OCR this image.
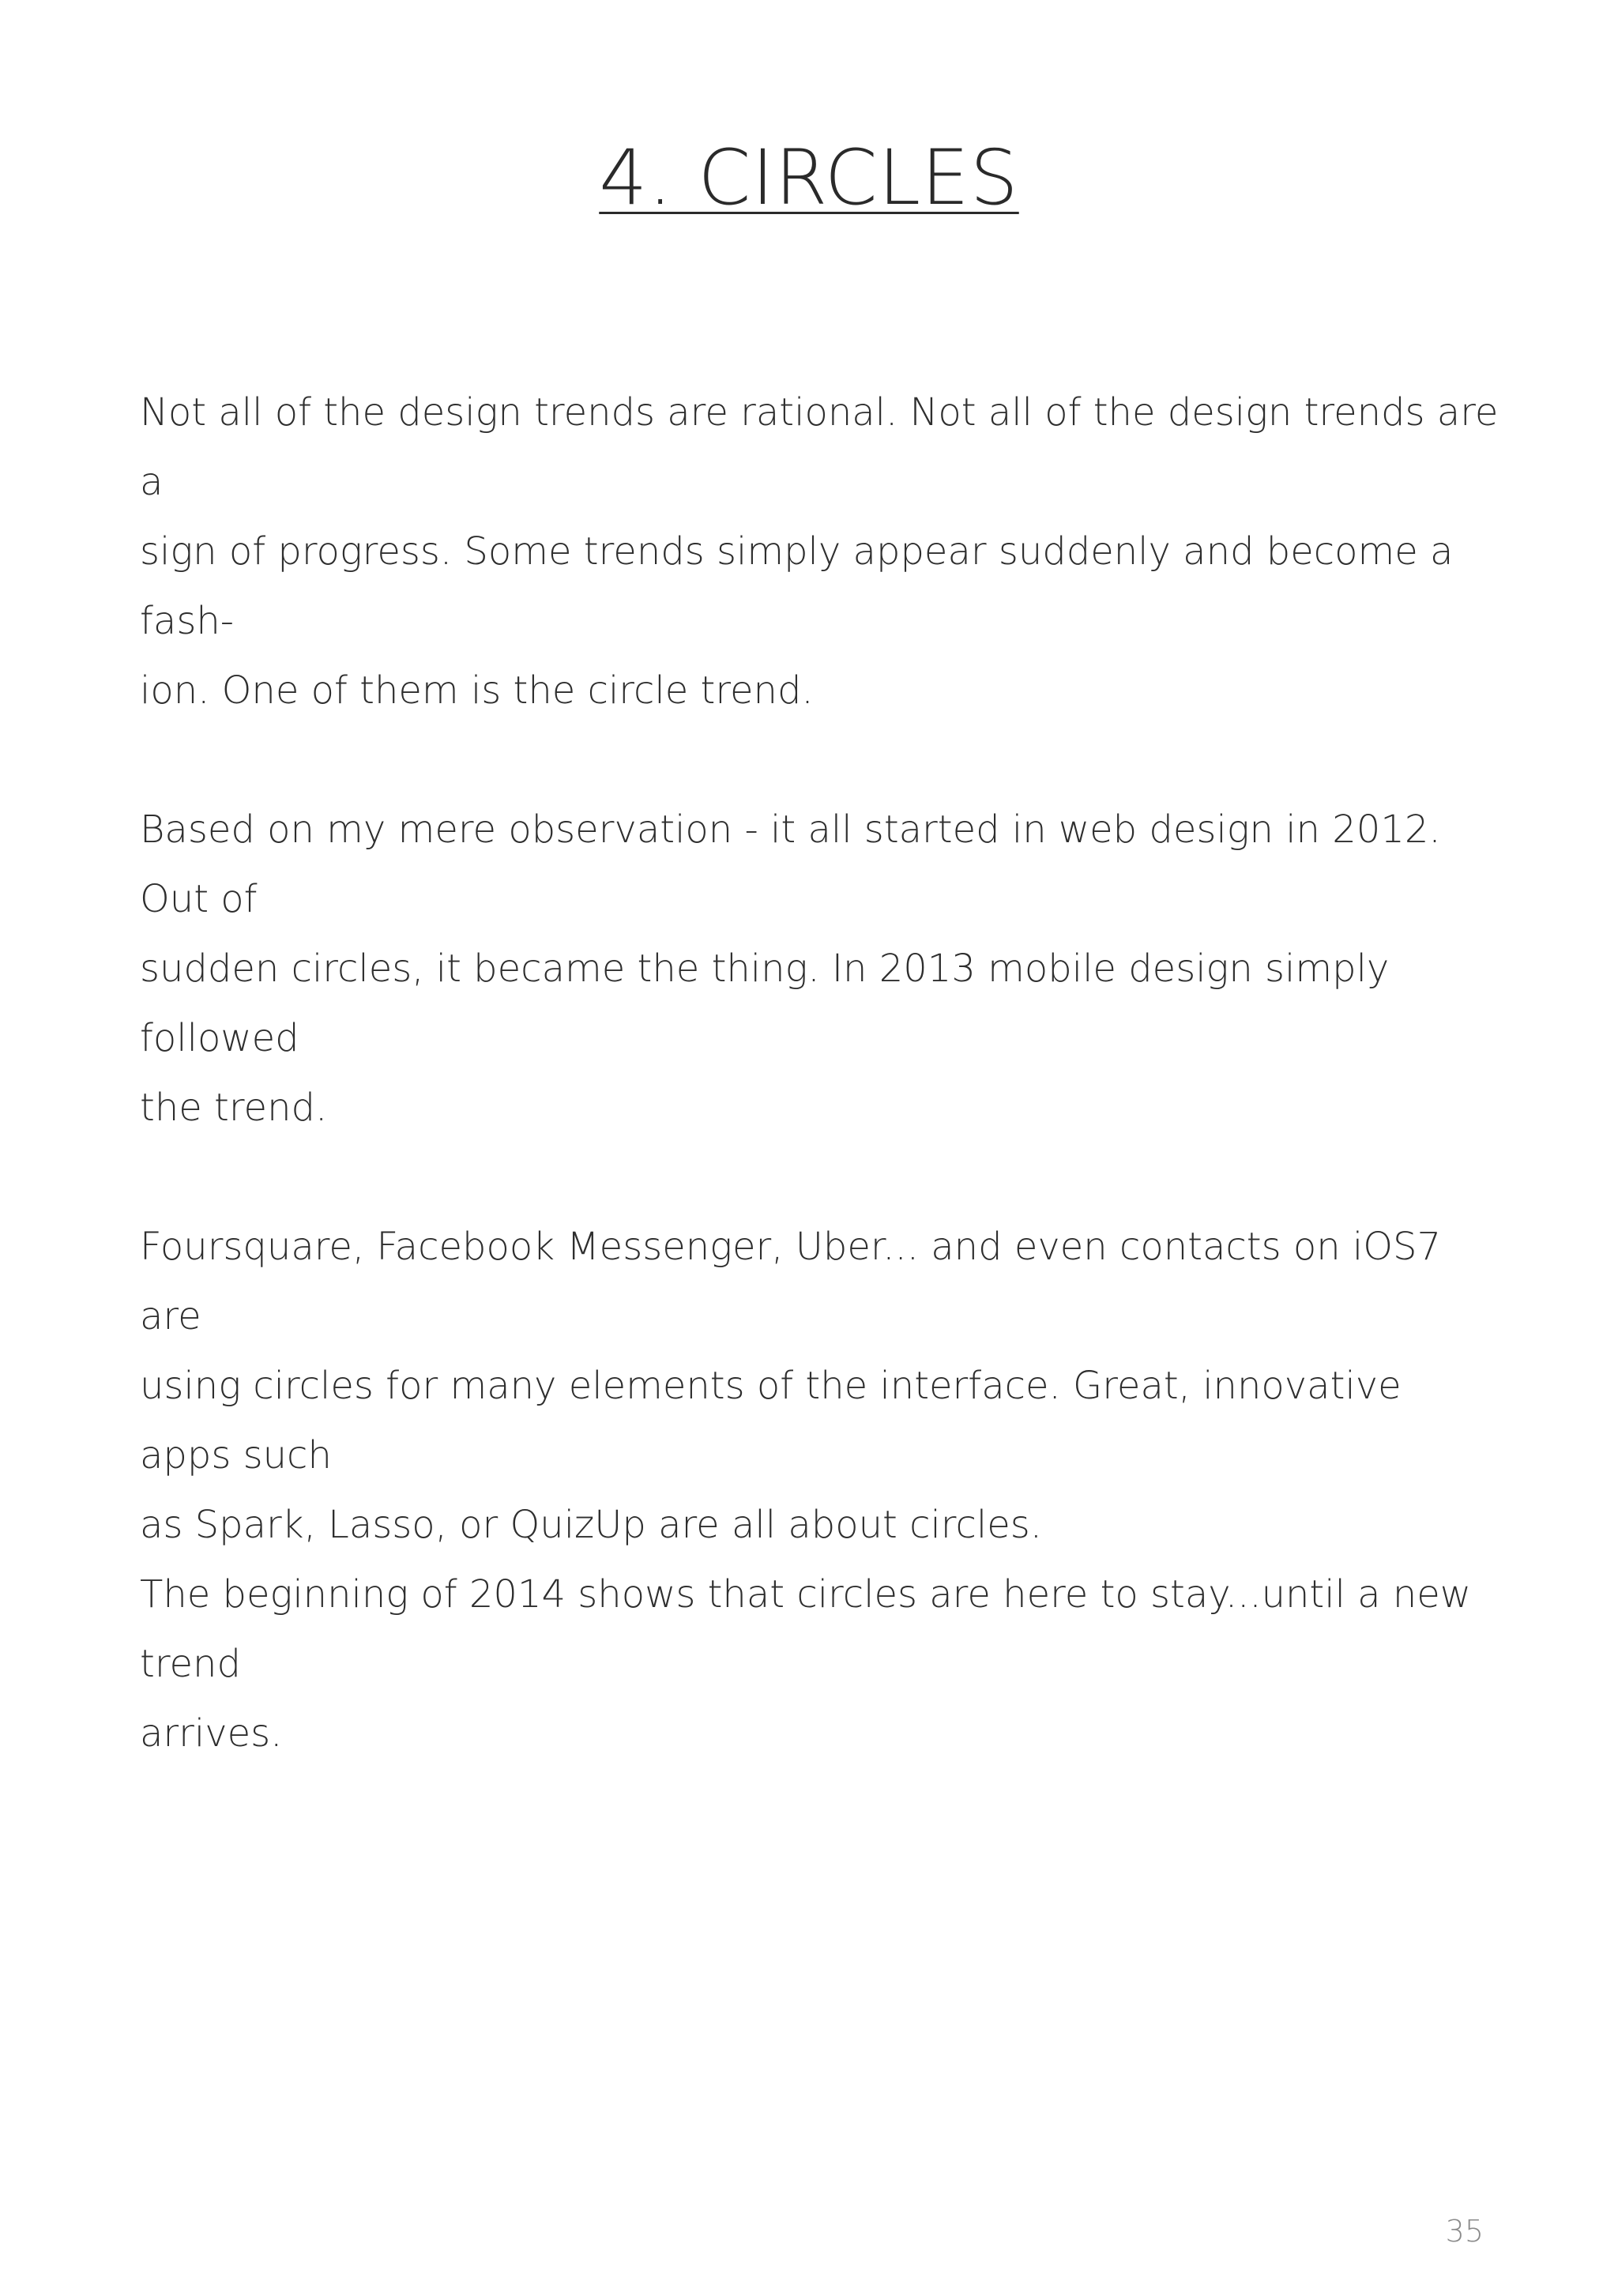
4. CIRCLES

Not all of the design trends are rational. Not all of the design trends are a
sign of progress. Some trends simply appear suddenly and become a fash-
ion. One of them is the circle trend.

Based on my mere observation - it all started in web design in 2012. Out of
sudden circles, it became the thing. In 2013 mobile design simply followed
the trend.

Foursquare, Facebook Messenger, Uber... and even contacts on iOS7 are
using circles for many elements of the interface. Great, innovative apps such
as Spark, Lasso, or QuizUp are all about circles.

The beginning of 2014 shows that circles are here to stay...until a new trend
arrives.

35
